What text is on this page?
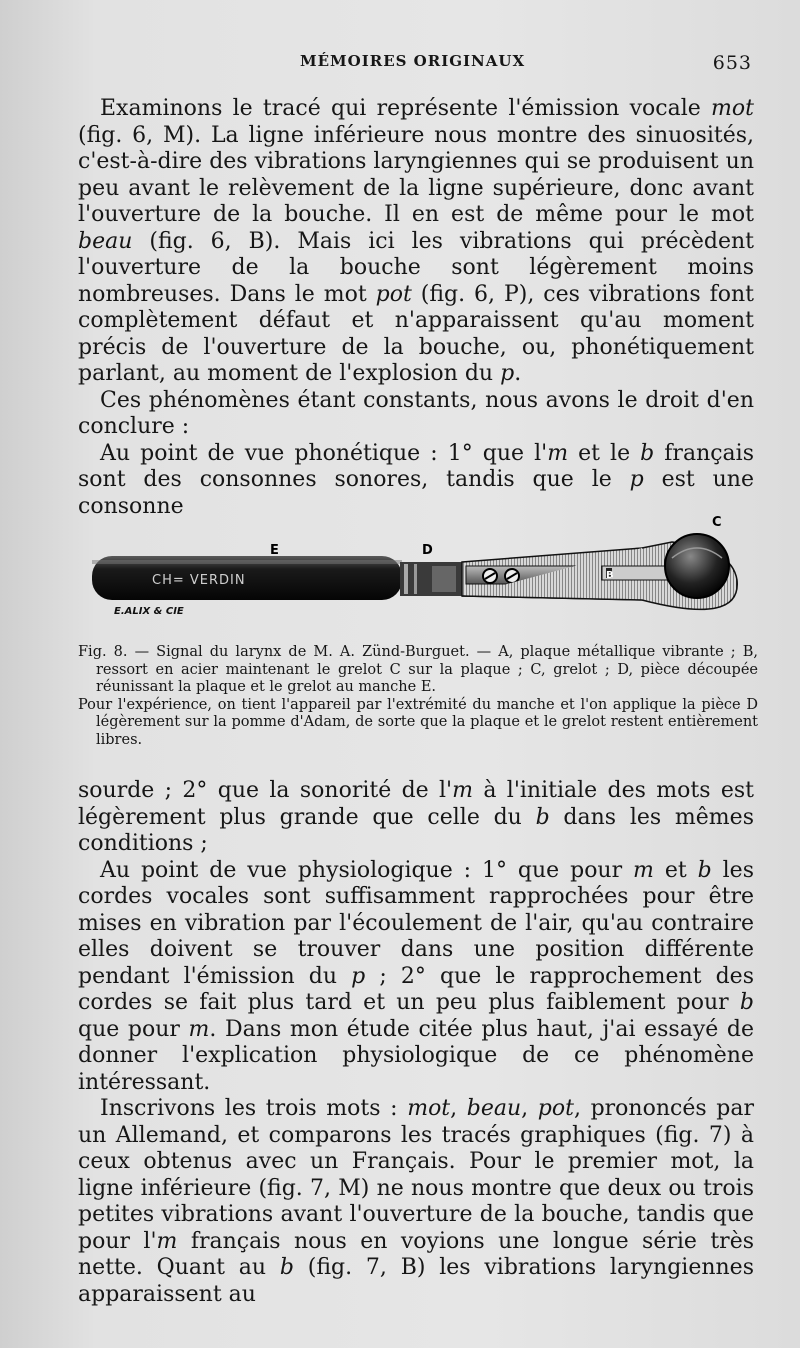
MÉMOIRES ORIGINAUX	653

Examinons le tracé qui représente l'émission vocale mot (fig. 6, M). La ligne inférieure nous montre des sinuosités, c'est-à-dire des vibrations laryngiennes qui se produisent un peu avant le relèvement de la ligne supérieure, donc avant l'ouverture de la bouche. Il en est de même pour le mot beau (fig. 6, B). Mais ici les vibrations qui précèdent l'ouverture de la bouche sont légèrement moins nombreuses. Dans le mot pot (fig. 6, P), ces vibrations font complètement défaut et n'apparaissent qu'au moment précis de l'ouverture de la bouche, ou, phonétiquement parlant, au moment de l'explosion du p.

Ces phénomènes étant constants, nous avons le droit d'en conclure :

Au point de vue phonétique : 1° que l'm et le b français sont des consonnes sonores, tandis que le p est une consonne

E	D
C
B
CH= VERDIN
E.ALIX & CIE

Fig. 8. — Signal du larynx de M. A. Zünd-Burguet. — A, plaque métallique vibrante ; B, ressort en acier maintenant le grelot C sur la plaque ; C, grelot ; D, pièce découpée réunissant la plaque et le grelot au manche E.

Pour l'expérience, on tient l'appareil par l'extrémité du manche et l'on applique la pièce D légèrement sur la pomme d'Adam, de sorte que la plaque et le grelot restent entièrement libres.

sourde ; 2° que la sonorité de l'm à l'initiale des mots est légèrement plus grande que celle du b dans les mêmes conditions ;

Au point de vue physiologique : 1° que pour m et b les cordes vocales sont suffisamment rapprochées pour être mises en vibration par l'écoulement de l'air, qu'au contraire elles doivent se trouver dans une position différente pendant l'émission du p ; 2° que le rapprochement des cordes se fait plus tard et un peu plus faiblement pour b que pour m. Dans mon étude citée plus haut, j'ai essayé de donner l'explication physiologique de ce phénomène intéressant.

Inscrivons les trois mots : mot, beau, pot, prononcés par un Allemand, et comparons les tracés graphiques (fig. 7) à ceux obtenus avec un Français. Pour le premier mot, la ligne inférieure (fig. 7, M) ne nous montre que deux ou trois petites vibrations avant l'ouverture de la bouche, tandis que pour l'm français nous en voyions une longue série très nette. Quant au b (fig. 7, B) les vibrations laryngiennes apparaissent au
